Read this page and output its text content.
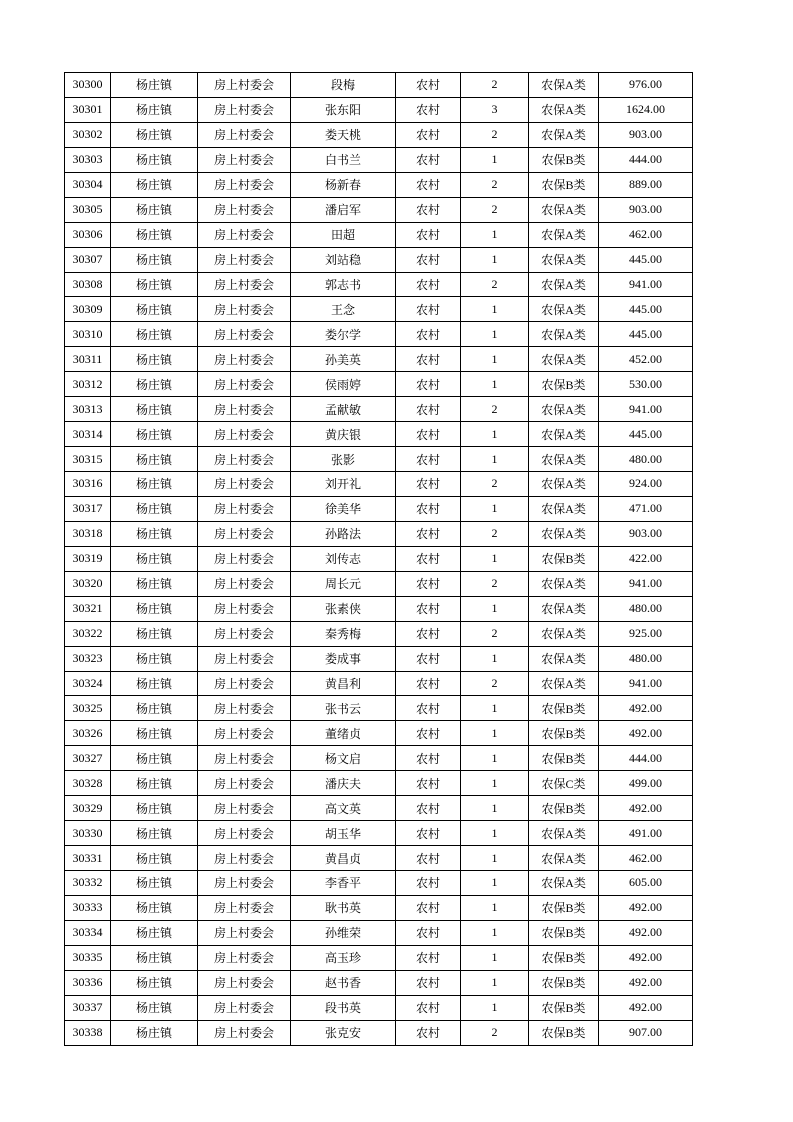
30300	杨庄镇	房上村委会	段梅	农村	2	农保A类	976.00
30301	杨庄镇	房上村委会	张东阳	农村	3	农保A类	1624.00
30302	杨庄镇	房上村委会	娄天桃	农村	2	农保A类	903.00
30303	杨庄镇	房上村委会	白书兰	农村	1	农保B类	444.00
30304	杨庄镇	房上村委会	杨新春	农村	2	农保B类	889.00
30305	杨庄镇	房上村委会	潘启军	农村	2	农保A类	903.00
30306	杨庄镇	房上村委会	田超	农村	1	农保A类	462.00
30307	杨庄镇	房上村委会	刘站稳	农村	1	农保A类	445.00
30308	杨庄镇	房上村委会	郭志书	农村	2	农保A类	941.00
30309	杨庄镇	房上村委会	王念	农村	1	农保A类	445.00
30310	杨庄镇	房上村委会	娄尔学	农村	1	农保A类	445.00
30311	杨庄镇	房上村委会	孙美英	农村	1	农保A类	452.00
30312	杨庄镇	房上村委会	侯雨婷	农村	1	农保B类	530.00
30313	杨庄镇	房上村委会	孟献敏	农村	2	农保A类	941.00
30314	杨庄镇	房上村委会	黄庆银	农村	1	农保A类	445.00
30315	杨庄镇	房上村委会	张影	农村	1	农保A类	480.00
30316	杨庄镇	房上村委会	刘开礼	农村	2	农保A类	924.00
30317	杨庄镇	房上村委会	徐美华	农村	1	农保A类	471.00
30318	杨庄镇	房上村委会	孙路法	农村	2	农保A类	903.00
30319	杨庄镇	房上村委会	刘传志	农村	1	农保B类	422.00
30320	杨庄镇	房上村委会	周长元	农村	2	农保A类	941.00
30321	杨庄镇	房上村委会	张素侠	农村	1	农保A类	480.00
30322	杨庄镇	房上村委会	秦秀梅	农村	2	农保A类	925.00
30323	杨庄镇	房上村委会	娄成事	农村	1	农保A类	480.00
30324	杨庄镇	房上村委会	黄昌利	农村	2	农保A类	941.00
30325	杨庄镇	房上村委会	张书云	农村	1	农保B类	492.00
30326	杨庄镇	房上村委会	董绪贞	农村	1	农保B类	492.00
30327	杨庄镇	房上村委会	杨文启	农村	1	农保B类	444.00
30328	杨庄镇	房上村委会	潘庆夫	农村	1	农保C类	499.00
30329	杨庄镇	房上村委会	高文英	农村	1	农保B类	492.00
30330	杨庄镇	房上村委会	胡玉华	农村	1	农保A类	491.00
30331	杨庄镇	房上村委会	黄昌贞	农村	1	农保A类	462.00
30332	杨庄镇	房上村委会	李香平	农村	1	农保A类	605.00
30333	杨庄镇	房上村委会	耿书英	农村	1	农保B类	492.00
30334	杨庄镇	房上村委会	孙维荣	农村	1	农保B类	492.00
30335	杨庄镇	房上村委会	高玉珍	农村	1	农保B类	492.00
30336	杨庄镇	房上村委会	赵书香	农村	1	农保B类	492.00
30337	杨庄镇	房上村委会	段书英	农村	1	农保B类	492.00
30338	杨庄镇	房上村委会	张克安	农村	2	农保B类	907.00
